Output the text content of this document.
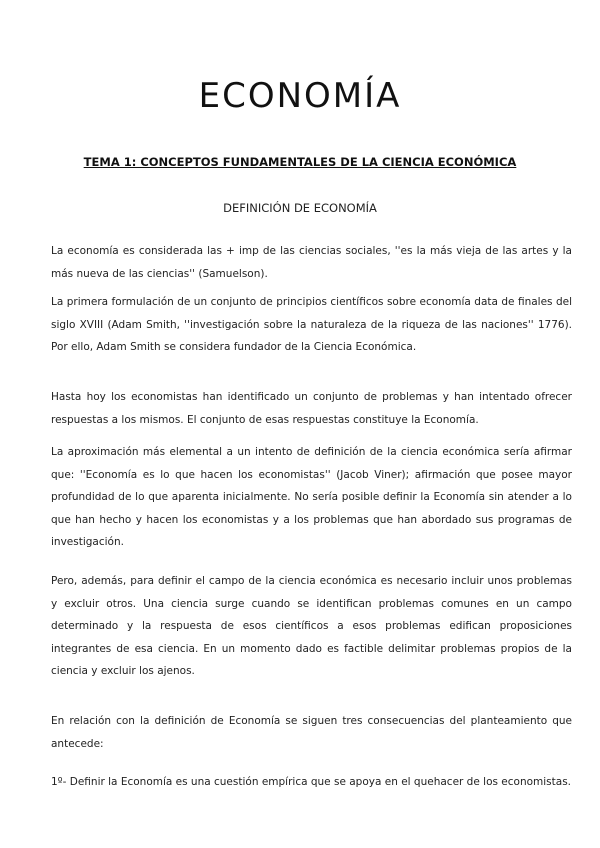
ECONOMÍA
TEMA 1: CONCEPTOS FUNDAMENTALES DE LA CIENCIA ECONÓMICA
DEFINICIÓN DE ECONOMÍA

La economía es considerada las + imp de las ciencias sociales, ''es la más vieja de las artes y la más nueva de las ciencias'' (Samuelson).

La primera formulación de un conjunto de principios científicos sobre economía data de finales del siglo XVIII (Adam Smith, ''investigación sobre la naturaleza de la riqueza de las naciones'' 1776). Por ello, Adam Smith se considera fundador de la Ciencia Económica.

Hasta hoy los economistas han identificado un conjunto de problemas y han intentado ofrecer respuestas a los mismos. El conjunto de esas respuestas constituye la Economía.

La aproximación más elemental a un intento de definición de la ciencia económica sería afirmar que: ''Economía es lo que hacen los economistas'' (Jacob Viner); afirmación que posee mayor profundidad de lo que aparenta inicialmente. No sería posible definir la Economía sin atender a lo que han hecho y hacen los economistas y a los problemas que han abordado sus programas de investigación.

Pero, además, para definir el campo de la ciencia económica es necesario incluir unos problemas y excluir otros. Una ciencia surge cuando se identifican problemas comunes en un campo determinado y la respuesta de esos científicos a esos problemas edifican proposiciones integrantes de esa ciencia. En un momento dado es factible delimitar problemas propios de la ciencia y excluir los ajenos.

En relación con la definición de Economía se siguen tres consecuencias del planteamiento que antecede:

1º- Definir la Economía es una cuestión empírica que se apoya en el quehacer de los economistas.
